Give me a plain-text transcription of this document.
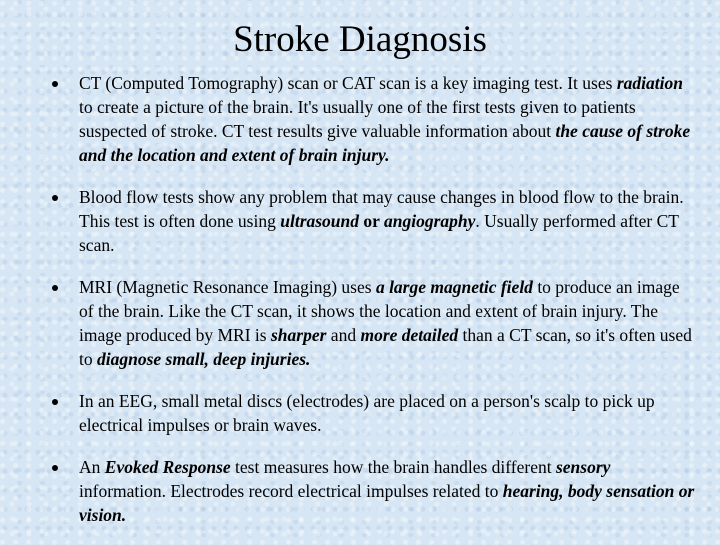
Stroke Diagnosis
CT (Computed Tomography) scan or CAT scan is a key imaging test. It uses radiation to create a picture of the brain. It's usually one of the first tests given to patients suspected of stroke. CT test results give valuable information about the cause of stroke and the location and extent of brain injury.
Blood flow tests show any problem that may cause changes in blood flow to the brain. This test is often done using ultrasound or angiography. Usually performed after CT scan.
MRI (Magnetic Resonance Imaging) uses a large magnetic field to produce an image of the brain. Like the CT scan, it shows the location and extent of brain injury. The image produced by MRI is sharper and more detailed than a CT scan, so it's often used to diagnose small, deep injuries.
In an EEG, small metal discs (electrodes) are placed on a person's scalp to pick up electrical impulses or brain waves.
An Evoked Response test measures how the brain handles different sensory information. Electrodes record electrical impulses related to hearing, body sensation or vision.
